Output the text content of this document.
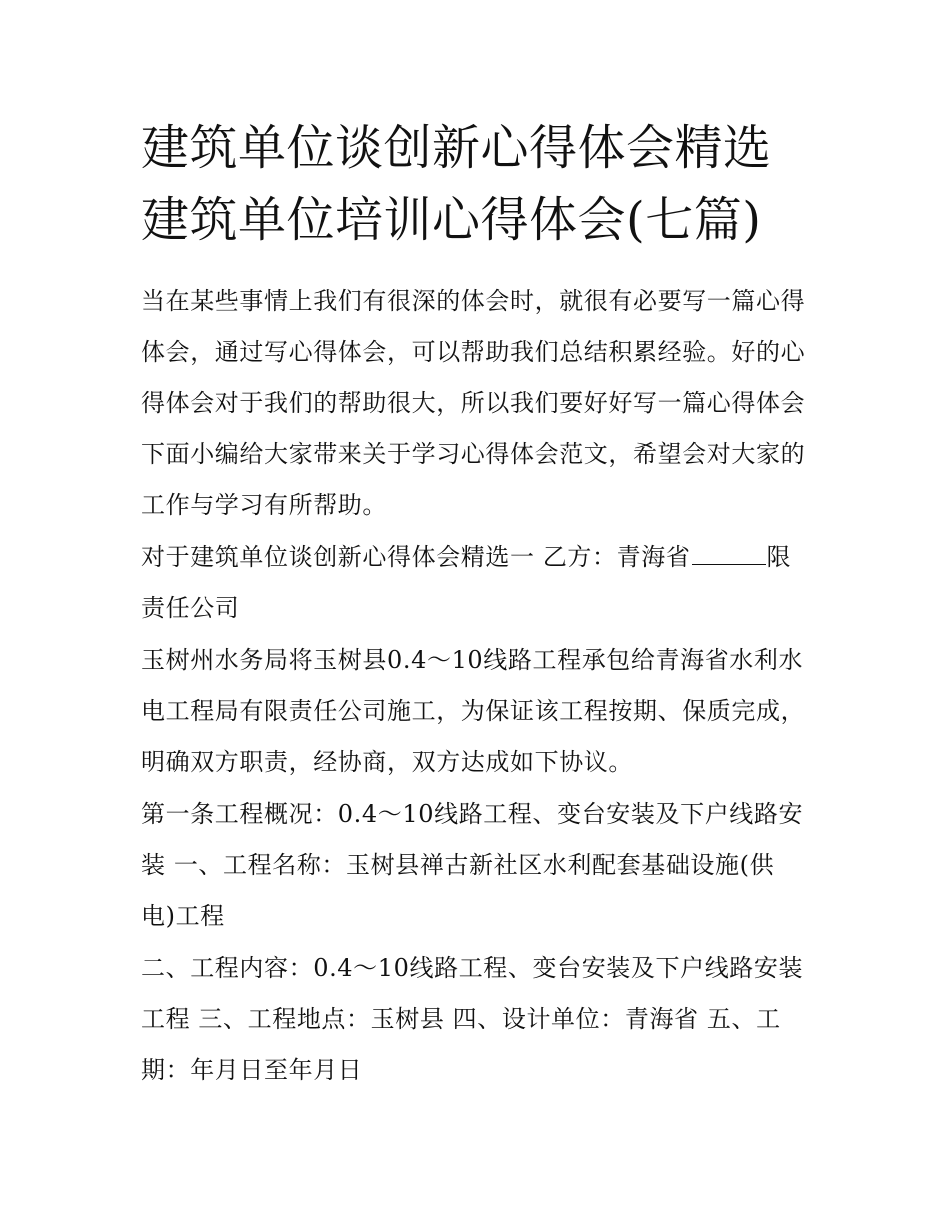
建筑单位谈创新心得体会精选
建筑单位培训心得体会(七篇)

当在某些事情上我们有很深的体会时，就很有必要写一篇心得
体会，通过写心得体会，可以帮助我们总结积累经验。好的心
得体会对于我们的帮助很大，所以我们要好好写一篇心得体会
下面小编给大家带来关于学习心得体会范文，希望会对大家的
工作与学习有所帮助。

对于建筑单位谈创新心得体会精选一 乙方：青海省	限
责任公司

玉树州水务局将玉树县0.4～10线路工程承包给青海省水利水
电工程局有限责任公司施工，为保证该工程按期、保质完成，
明确双方职责，经协商，双方达成如下协议。

第一条工程概况：0.4～10线路工程、变台安装及下户线路安
装 一、工程名称：玉树县禅古新社区水利配套基础设施(供
电)工程

二、工程内容：0.4～10线路工程、变台安装及下户线路安装
工程 三、工程地点：玉树县 四、设计单位：青海省 五、工
期：年月日至年月日
